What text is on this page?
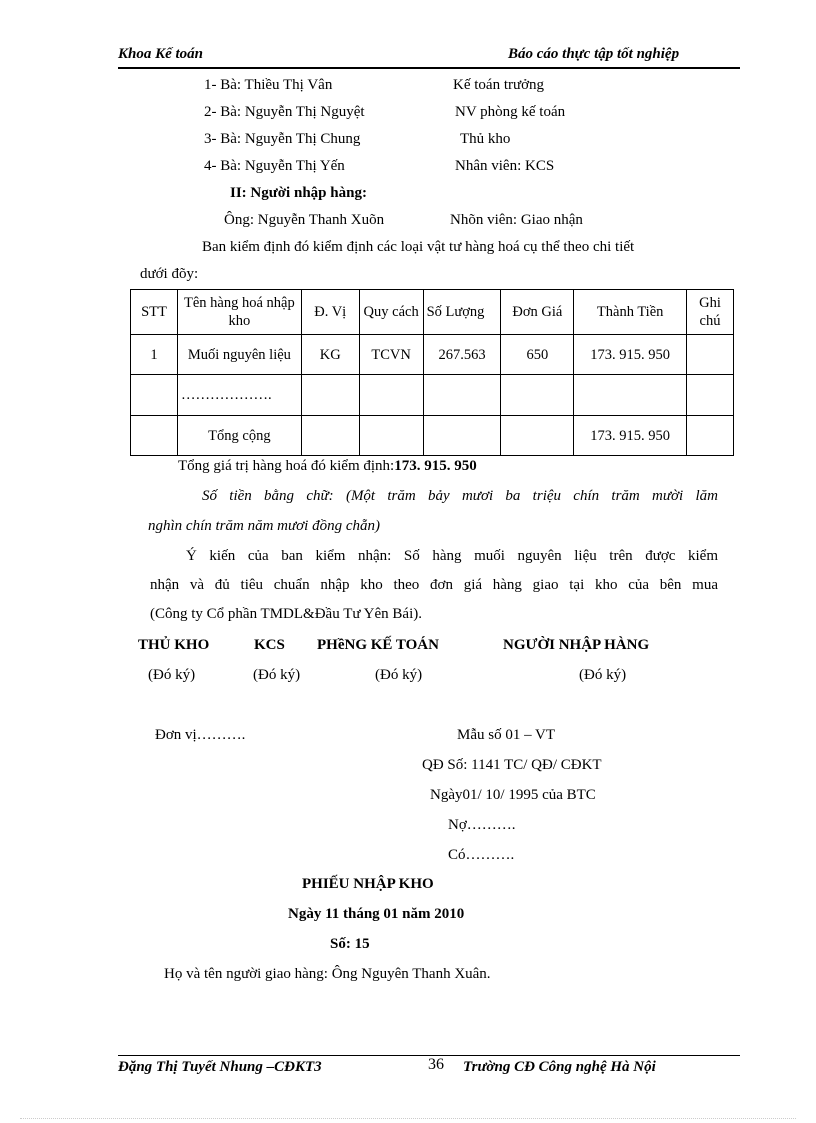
Khoa Kế toán	Báo cáo thực tập tốt nghiệp
1- Bà: Thiều Thị Vân	Kế toán trưởng
2- Bà: Nguyễn Thị Nguyệt	NV phòng kế toán
3- Bà: Nguyễn Thị Chung	Thủ kho
4- Bà: Nguyễn Thị Yến	Nhân viên: KCS
II: Người nhập hàng:
Ông: Nguyễn Thanh Xuõn	Nhõn viên: Giao nhận
Ban kiểm định đó kiểm định các loại vật tư hàng hoá cụ thể theo chi tiết
dưới đõy:
STT	Tên hàng hoá nhập kho	Đ. Vị	Quy cách	Số Lượng	Đơn Giá	Thành Tiền	Ghi chú
1	Muối nguyên liệu	KG	TCVN	267.563	650	173. 915. 950	
	……………….						
	Tổng cộng					173. 915. 950	
Tổng giá trị hàng hoá đó kiểm định:173. 915. 950
Số tiền bằng chữ: (Một trăm bảy mươi ba triệu chín trăm mười lăm
nghìn chín trăm năm mươi đồng chẵn)
Ý kiến của ban kiểm nhận: Số hàng muối nguyên liệu trên được kiểm
nhận và đủ tiêu chuẩn nhập kho theo đơn giá hàng giao tại kho của bên mua
(Công ty Cổ phần TMDL&Đầu Tư Yên Bái).
THỦ KHO	KCS PHềNG KẾ TOÁN	NGƯỜI NHẬP HÀNG
(Đó ký)	(Đó ký)	(Đó ký)	(Đó ký)
Đơn vị……….	Mẫu số 01 – VT
QĐ Số: 1141 TC/ QĐ/ CĐKT
Ngày01/ 10/ 1995 của BTC
Nợ……….
Có……….
PHIẾU NHẬP KHO
Ngày 11 tháng 01 năm 2010
Số: 15
Họ và tên người giao hàng: Ông Nguyên Thanh Xuân.
Đặng Thị Tuyết Nhung –CĐKT3	36 Trường CĐ Công nghệ Hà Nội
